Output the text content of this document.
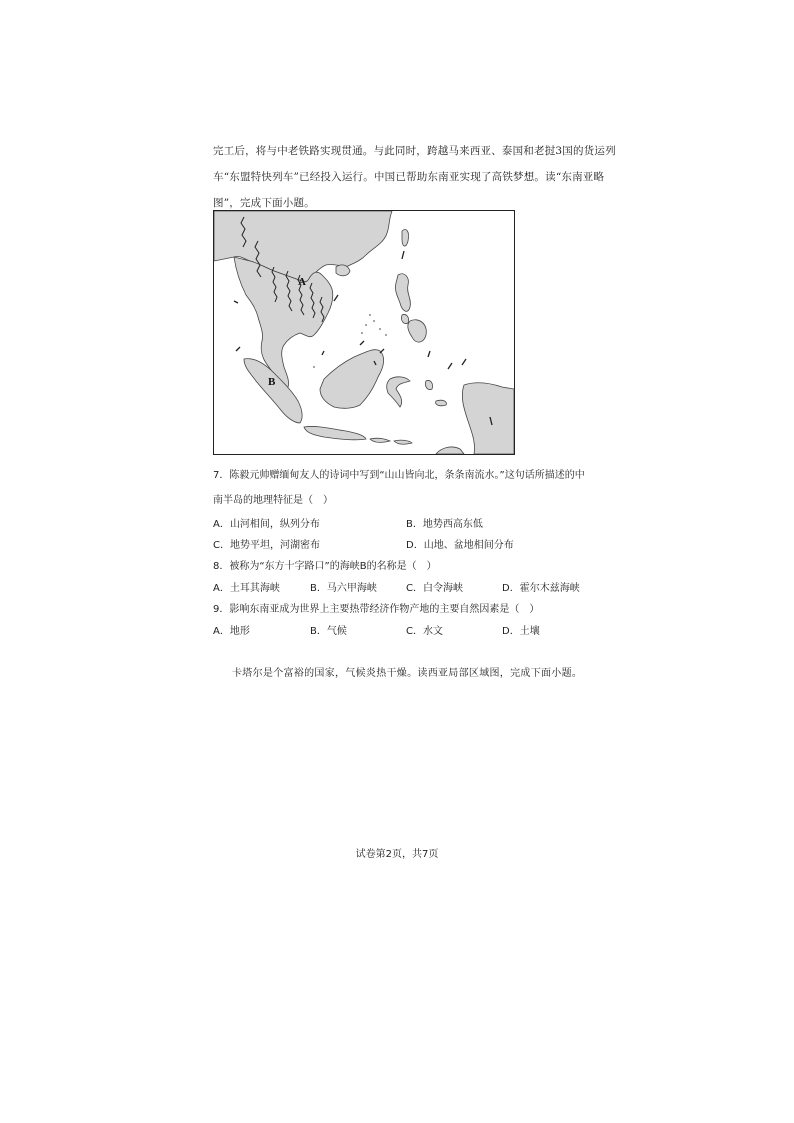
完工后，将与中老铁路实现贯通。与此同时，跨越马来西亚、泰国和老挝3国的货运列

车“东盟特快列车”已经投入运行。中国已帮助东南亚实现了高铁梦想。读“东南亚略

图”，完成下面小题。

A
B
7．陈毅元帅赠缅甸友人的诗词中写到“山山皆向北，条条南流水。”这句话所描述的中
南半岛的地理特征是（　）
A．山河相间，纵列分布	B．地势西高东低
C．地势平坦，河湖密布	D．山地、盆地相间分布
8．被称为“东方十字路口”的海峡B的名称是（　）
A．土耳其海峡	B．马六甲海峡	C．白令海峡	D．霍尔木兹海峡
9．影响东南亚成为世界上主要热带经济作物产地的主要自然因素是（　）
A．地形	B．气候	C．水文	D．土壤
卡塔尔是个富裕的国家，气候炎热干燥。读西亚局部区域图，完成下面小题。
试卷第2页，共7页
